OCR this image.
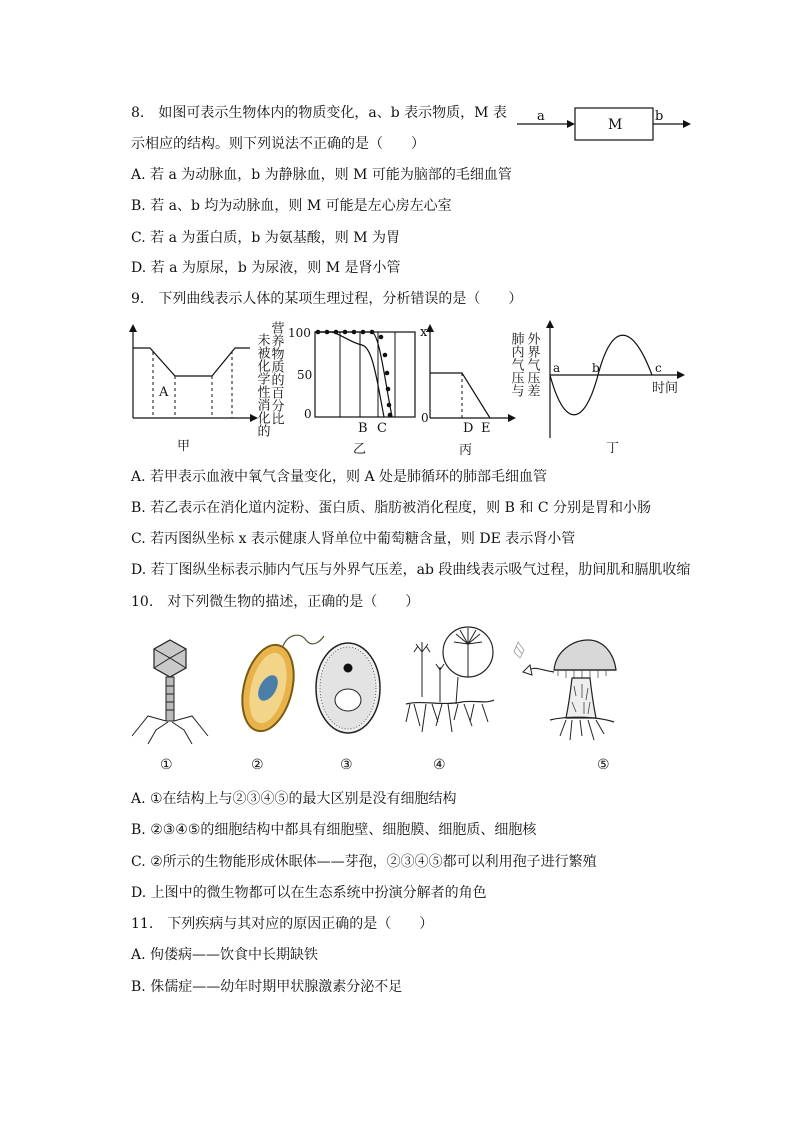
8.　如图可表示生物体内的物质变化，a、b 表示物质，M 表
示相应的结构。则下列说法不正确的是（　　）
a
M
b
A. 若 a 为动脉血，b 为静脉血，则 M 可能为脑部的毛细血管
B. 若 a、b 均为动脉血，则 M 可能是左心房左心室
C. 若 a 为蛋白质，b 为氨基酸，则 M 为胃
D. 若 a 为原尿，b 为尿液，则 M 是肾小管
9.　下列曲线表示人体的某项生理过程，分析错误的是（　　）
A
甲
未被化学性消化的 营养物质的百分比 100
50
0
B C
乙
x
0
D E
丙
肺内气压与 外界气压差 a	b	c
时间
丁
A. 若甲表示血液中氧气含量变化，则 A 处是肺循环的肺部毛细血管
B. 若乙表示在消化道内淀粉、蛋白质、脂肪被消化程度，则 B 和 C 分别是胃和小肠
C. 若丙图纵坐标 x 表示健康人肾单位中葡萄糖含量，则 DE 表示肾小管
D. 若丁图纵坐标表示肺内气压与外界气压差，ab 段曲线表示吸气过程，肋间肌和膈肌收缩
10.　对下列微生物的描述，正确的是（　　）
①	②	③	④	⑤
A. ①在结构上与②③④⑤的最大区别是没有细胞结构
B. ②③④⑤的细胞结构中都具有细胞壁、细胞膜、细胞质、细胞核
C. ②所示的生物能形成休眠体——芽孢，②③④⑤都可以利用孢子进行繁殖
D. 上图中的微生物都可以在生态系统中扮演分解者的角色
11.　下列疾病与其对应的原因正确的是（　　）
A. 佝偻病——饮食中长期缺铁
B. 侏儒症——幼年时期甲状腺激素分泌不足
